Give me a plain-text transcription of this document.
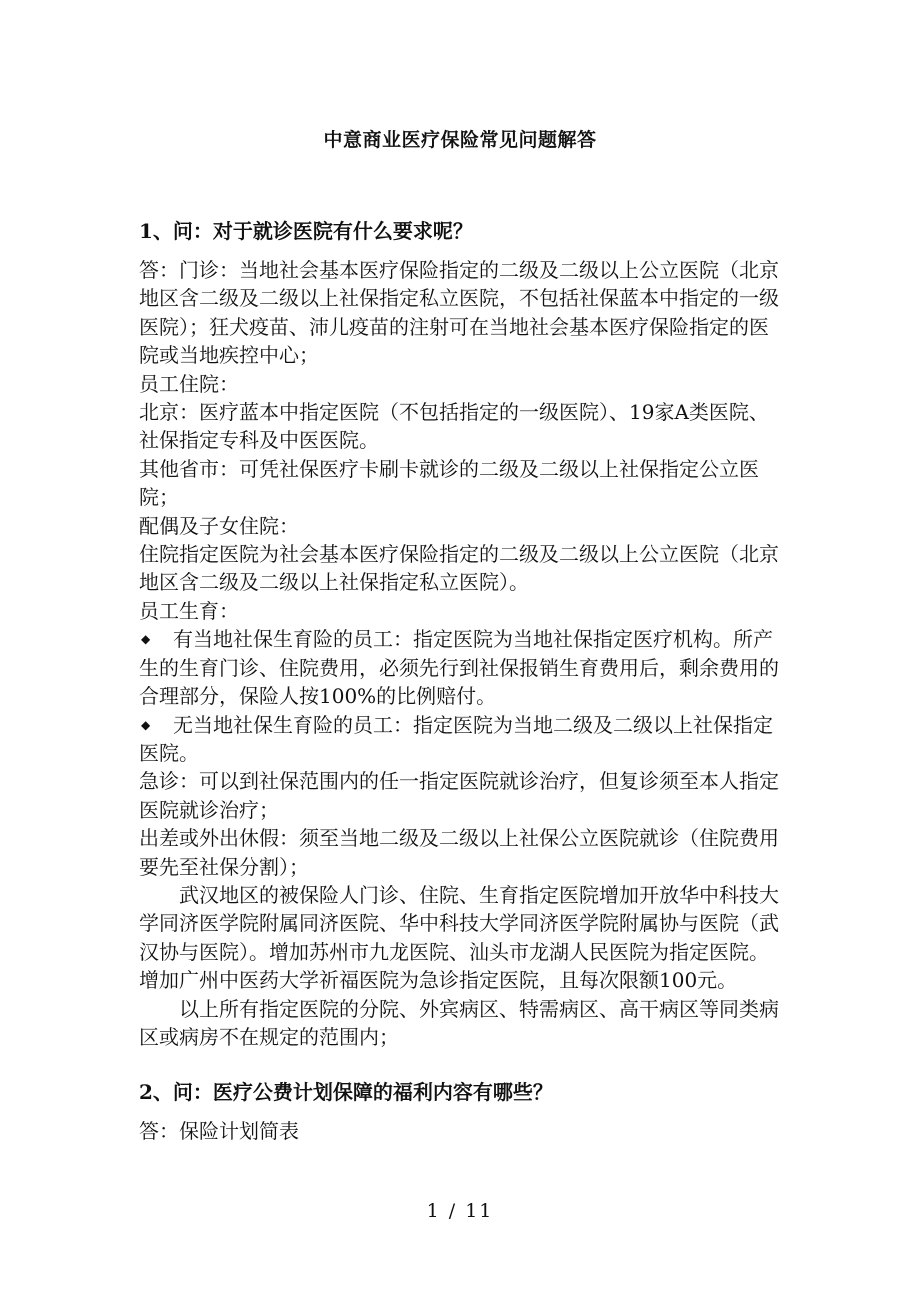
中意商业医疗保险常见问题解答
1、问：对于就诊医院有什么要求呢？

答：门诊：当地社会基本医疗保险指定的二级及二级以上公立医院（北京地区含二级及二级以上社保指定私立医院，不包括社保蓝本中指定的一级医院）；狂犬疫苗、沛儿疫苗的注射可在当地社会基本医疗保险指定的医院或当地疾控中心；

员工住院：

北京：医疗蓝本中指定医院（不包括指定的一级医院）、19家A类医院、社保指定专科及中医医院。

其他省市：可凭社保医疗卡刷卡就诊的二级及二级以上社保指定公立医院；

配偶及子女住院：

住院指定医院为社会基本医疗保险指定的二级及二级以上公立医院（北京地区含二级及二级以上社保指定私立医院）。

员工生育：

◆ 有当地社保生育险的员工：指定医院为当地社保指定医疗机构。所产生的生育门诊、住院费用，必须先行到社保报销生育费用后，剩余费用的合理部分，保险人按100%的比例赔付。

◆ 无当地社保生育险的员工：指定医院为当地二级及二级以上社保指定医院。

急诊：可以到社保范围内的任一指定医院就诊治疗，但复诊须至本人指定医院就诊治疗；

出差或外出休假：须至当地二级及二级以上社保公立医院就诊（住院费用要先至社保分割）；

武汉地区的被保险人门诊、住院、生育指定医院增加开放华中科技大学同济医学院附属同济医院、华中科技大学同济医学院附属协与医院（武汉协与医院）。增加苏州市九龙医院、汕头市龙湖人民医院为指定医院。增加广州中医药大学祈福医院为急诊指定医院，且每次限额100元。

以上所有指定医院的分院、外宾病区、特需病区、高干病区等同类病区或病房不在规定的范围内；

2、问：医疗公费计划保障的福利内容有哪些？

答：保险计划简表

1 / 11
